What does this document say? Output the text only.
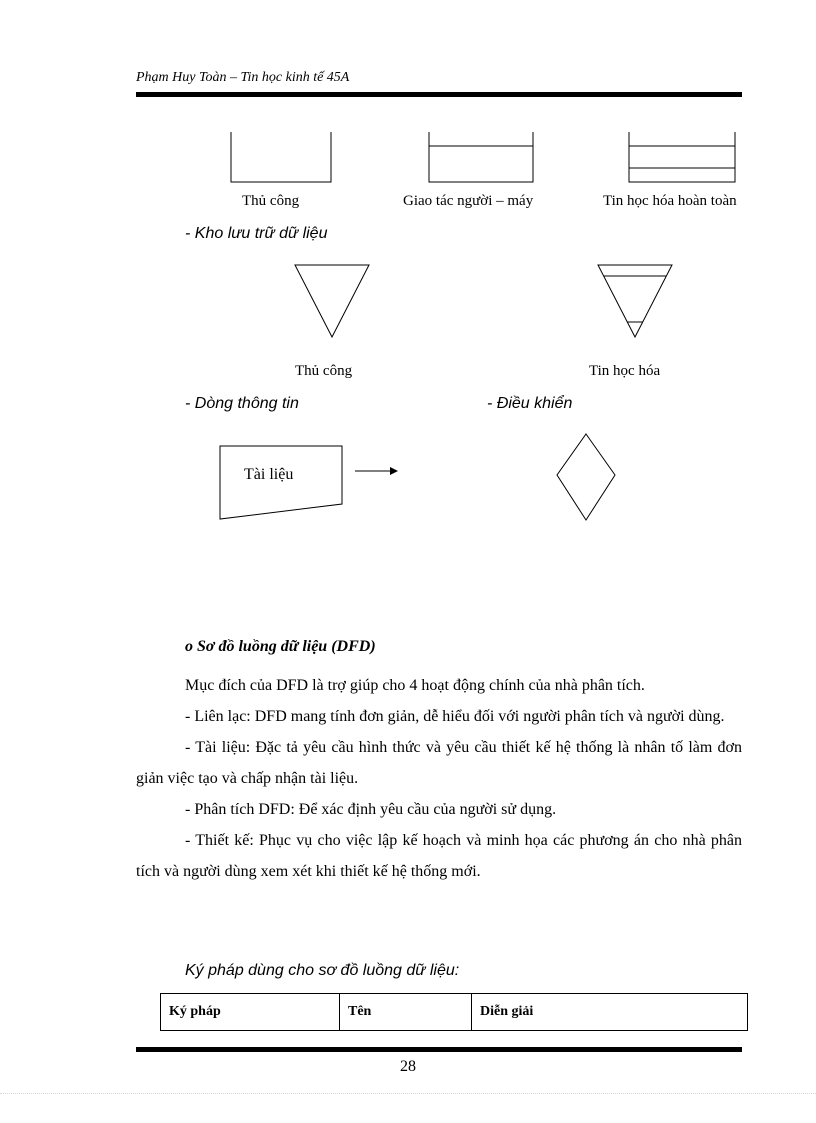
Phạm Huy Toàn – Tin học kinh tế 45A
Thủ công	Giao tác người – máy	Tin học hóa hoàn toàn
- Kho lưu trữ dữ liệu
Thủ công	Tin học hóa
- Dòng thông tin	- Điều khiển
Tài liệu
o Sơ đồ luồng dữ liệu (DFD)

Mục đích của DFD là trợ giúp cho 4 hoạt động chính của nhà phân tích.

- Liên lạc: DFD mang tính đơn giản, dễ hiểu đối với người phân tích và người dùng.

- Tài liệu: Đặc tả yêu cầu hình thức và yêu cầu thiết kế hệ thống là nhân tố làm đơn giản việc tạo và chấp nhận tài liệu.

- Phân tích DFD: Để xác định yêu cầu của người sử dụng.

- Thiết kế: Phục vụ cho việc lập kế hoạch và minh họa các phương án cho nhà phân tích và người dùng xem xét khi thiết kế hệ thống mới.

Ký pháp dùng cho sơ đồ luồng dữ liệu:
Ký pháp	Tên	Diễn giải
28
